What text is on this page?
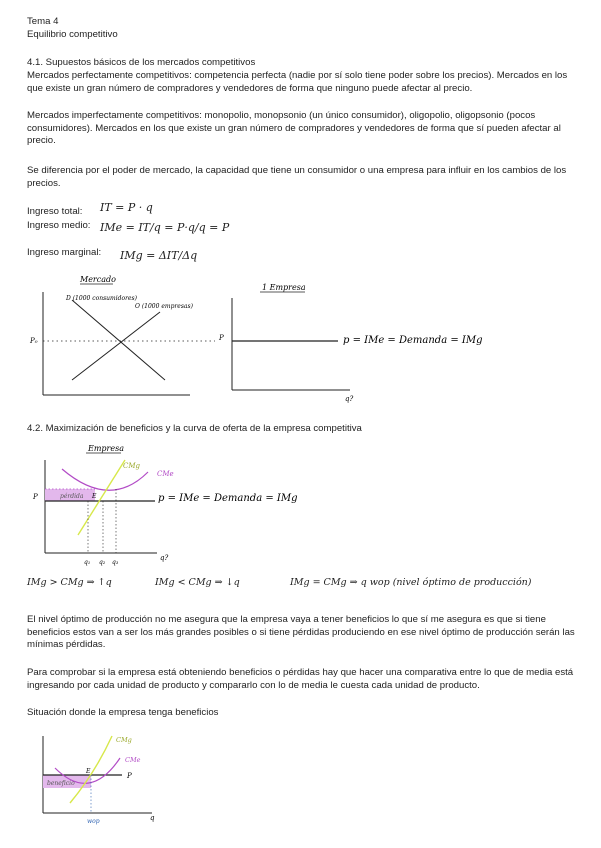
Tema 4
Equilibrio competitivo
4.1. Supuestos básicos de los mercados competitivos
Mercados perfectamente competitivos: competencia perfecta (nadie por sí solo tiene poder sobre los precios). Mercados en los que existe un gran número de compradores y vendedores de forma que ninguno puede afectar al precio.
Mercados imperfectamente competitivos: monopolio, monopsonio (un único consumidor), oligopolio, oligopsonio (pocos consumidores). Mercados en los que existe un gran número de compradores y vendedores de forma que sí pueden afectar al precio.
Se diferencia por el poder de mercado, la capacidad que tiene un consumidor o una empresa para influir en los cambios de los precios.
Ingreso total: IT = P · q
Ingreso medio: IMe = IT/q = P·q/q = P
Ingreso marginal: IMg = ΔIT/Δq
Mercado
D (1000 consumidores)
O (1000 empresas)
P₀
1 Empresa
P	p = IMe = Demanda = IMg
q?
4.2. Maximización de beneficios y la curva de oferta de la empresa competitiva
Empresa
pérdida E
P
CMg
CMe
q₁ q₂ q₃
p = IMe = Demanda = IMg
q?
IMg > CMg ⇒ ↑q	IMg < CMg ⇒ ↓q	IMg = CMg ⇒ q wop (nivel óptimo de producción)
El nivel óptimo de producción no me asegura que la empresa vaya a tener beneficios lo que sí me asegura es que si tiene beneficios estos van a ser los más grandes posibles o si tiene pérdidas produciendo en ese nivel óptimo de producción serán las mínimas pérdidas.
Para comprobar si la empresa está obteniendo beneficios o pérdidas hay que hacer una comparativa entre lo que de media está ingresando por cada unidad de producto y compararlo con lo de media le cuesta cada unidad de producto.
Situación donde la empresa tenga beneficios
beneficio
E
P
CMg
CMe
wop	q
